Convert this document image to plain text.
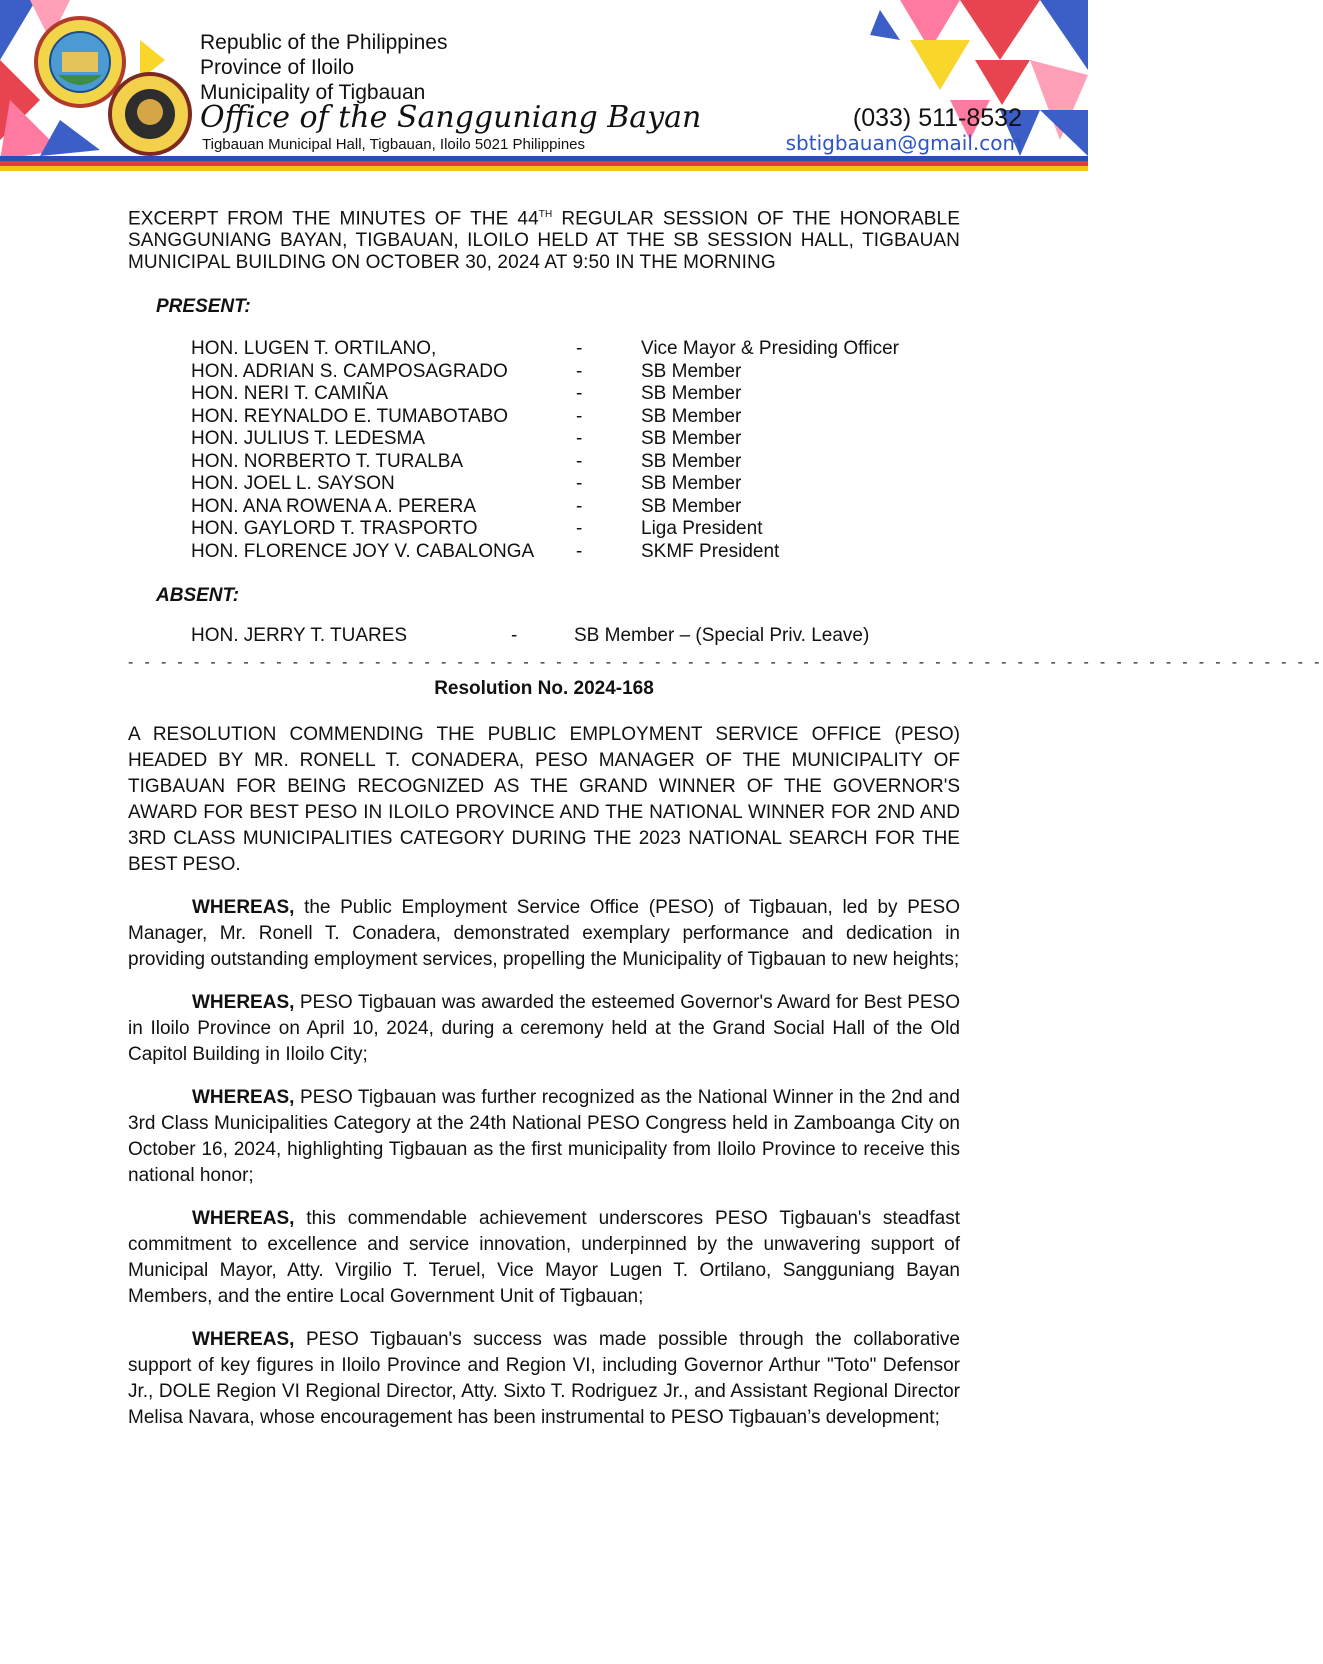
Republic of the Philippines
Province of Iloilo
Municipality of Tigbauan
Office of the Sangguniang Bayan
Tigbauan Municipal Hall, Tigbauan, Iloilo 5021 Philippines
(033) 511-8532
sbtigbauan@gmail.com
EXCERPT FROM THE MINUTES OF THE 44TH REGULAR SESSION OF THE HONORABLE SANGGUNIANG BAYAN, TIGBAUAN, ILOILO HELD AT THE SB SESSION HALL, TIGBAUAN MUNICIPAL BUILDING ON OCTOBER 30, 2024 AT 9:50 IN THE MORNING
PRESENT:
HON. LUGEN T. ORTILANO,	-	Vice Mayor & Presiding Officer
HON. ADRIAN S. CAMPOSAGRADO	-	SB Member
HON. NERI T. CAMIÑA	-	SB Member
HON. REYNALDO E. TUMABOTABO	-	SB Member
HON. JULIUS T. LEDESMA	-	SB Member
HON. NORBERTO T. TURALBA	-	SB Member
HON. JOEL L. SAYSON	-	SB Member
HON. ANA ROWENA A. PERERA	-	SB Member
HON. GAYLORD T. TRASPORTO	-	Liga President
HON. FLORENCE JOY V. CABALONGA	-	SKMF President
ABSENT:
HON. JERRY T. TUARES	-	SB Member – (Special Priv. Leave)
- - - - - - - - - - - - - - - - - - - - - - - - - - - - - - - - - - - - - - - - - - - - - - - - - - - - - - - - - - - - - - - - - - - - - - - - -
Resolution No. 2024-168
A RESOLUTION COMMENDING THE PUBLIC EMPLOYMENT SERVICE OFFICE (PESO) HEADED BY MR. RONELL T. CONADERA, PESO MANAGER OF THE MUNICIPALITY OF TIGBAUAN FOR BEING RECOGNIZED AS THE GRAND WINNER OF THE GOVERNOR'S AWARD FOR BEST PESO IN ILOILO PROVINCE AND THE NATIONAL WINNER FOR 2ND AND 3RD CLASS MUNICIPALITIES CATEGORY DURING THE 2023 NATIONAL SEARCH FOR THE BEST PESO.
WHEREAS, the Public Employment Service Office (PESO) of Tigbauan, led by PESO Manager, Mr. Ronell T. Conadera, demonstrated exemplary performance and dedication in providing outstanding employment services, propelling the Municipality of Tigbauan to new heights;
WHEREAS, PESO Tigbauan was awarded the esteemed Governor's Award for Best PESO in Iloilo Province on April 10, 2024, during a ceremony held at the Grand Social Hall of the Old Capitol Building in Iloilo City;
WHEREAS, PESO Tigbauan was further recognized as the National Winner in the 2nd and 3rd Class Municipalities Category at the 24th National PESO Congress held in Zamboanga City on October 16, 2024, highlighting Tigbauan as the first municipality from Iloilo Province to receive this national honor;
WHEREAS, this commendable achievement underscores PESO Tigbauan's steadfast commitment to excellence and service innovation, underpinned by the unwavering support of Municipal Mayor, Atty. Virgilio T. Teruel, Vice Mayor Lugen T. Ortilano, Sangguniang Bayan Members, and the entire Local Government Unit of Tigbauan;
WHEREAS, PESO Tigbauan's success was made possible through the collaborative support of key figures in Iloilo Province and Region VI, including Governor Arthur "Toto" Defensor Jr., DOLE Region VI Regional Director, Atty. Sixto T. Rodriguez Jr., and Assistant Regional Director Melisa Navara, whose encouragement has been instrumental to PESO Tigbauan’s development;
